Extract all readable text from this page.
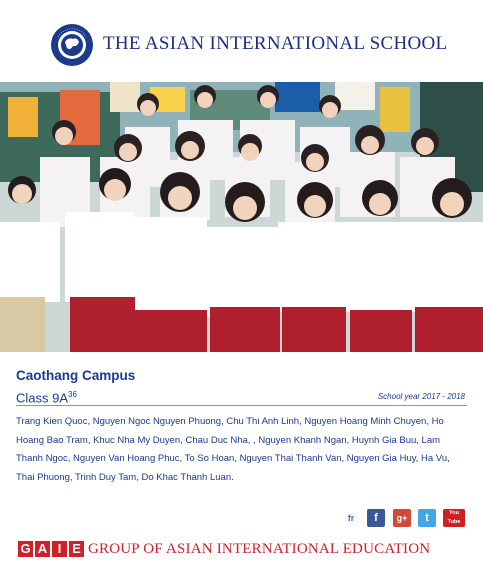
THE ASIAN INTERNATIONAL SCHOOL
Caothang Campus
Class $9A^{36}$	School year 2017 - 2018
Trang Kien Quoc, Nguyen Ngoc Nguyen Phuong, Chu Thi Anh Linh, Nguyen Hoang Minh Chuyen, Ho Hoang Bao Tram, Khuc Nha My Duyen, Chau Duc Nha, , Nguyen Khanh Ngan, Huynh Gia Buu, Lam Thanh Ngoc, Nguyen Van Hoang Phuc, To So Hoan, Nguyen Thai Thanh Van, Nguyen Gia Huy, Ha Vu, Thai Phuong, Trinh Duy Tam, Do Khac Thanh Luan.
fr	f	g+	t	You
Tube
G A I E GROUP OF ASIAN INTERNATIONAL EDUCATION
